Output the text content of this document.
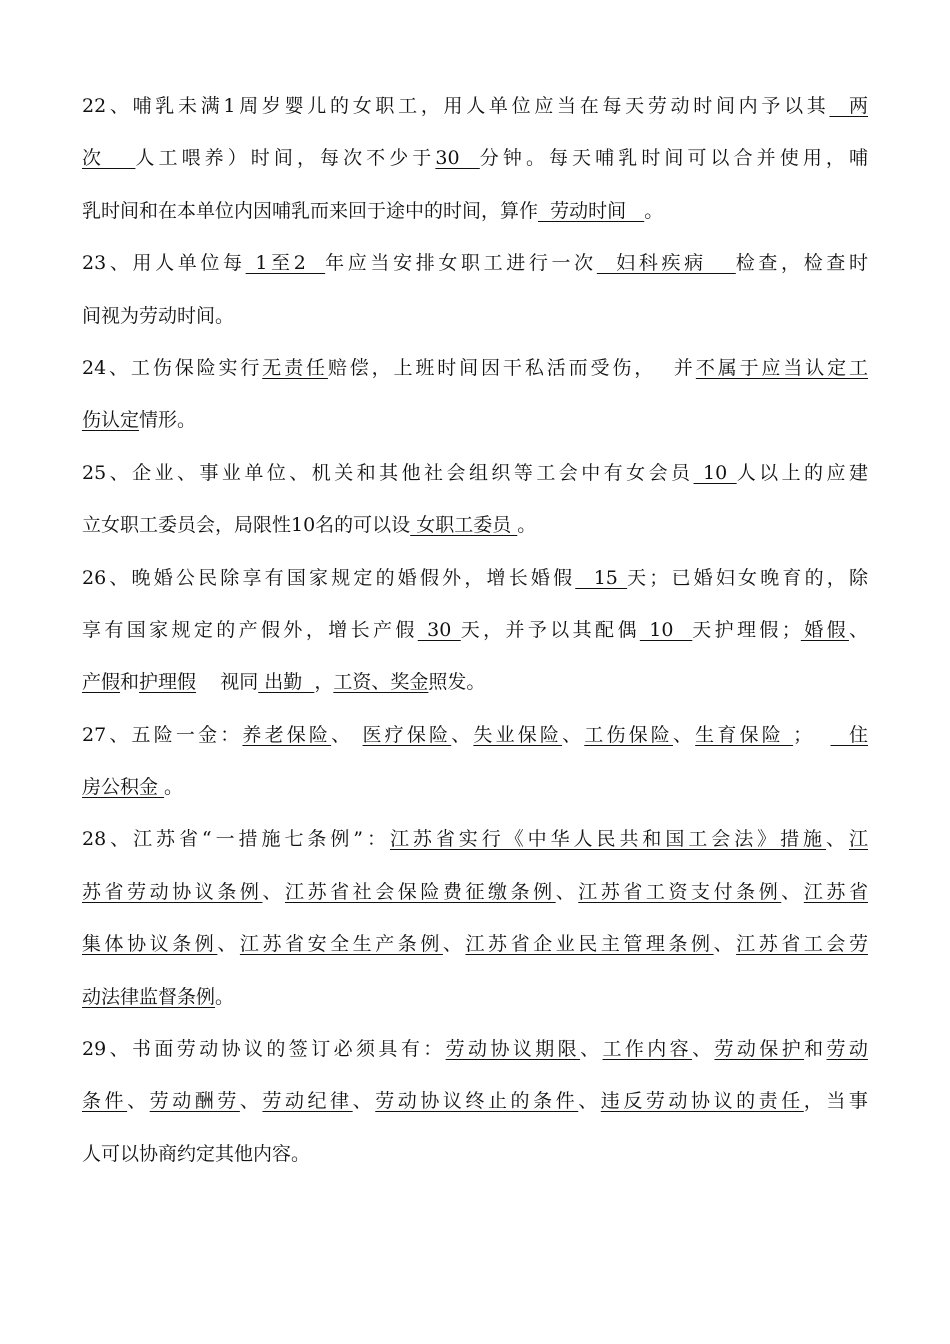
22、哺乳未满1周岁婴儿的女职工，用人单位应当在每天劳动时间内予以其  两
次   人工喂养）时间，每次不少于30  分钟。每天哺乳时间可以合并使用，哺
乳时间和在本单位内因哺乳而来回于途中的时间，算作  劳动时间   。
23、用人单位每 1至2  年应当安排女职工进行一次  妇科疾病   检查，检查时
间视为劳动时间。
24、工伤保险实行无责任赔偿，上班时间因干私活而受伤，  并不属于应当认定工
伤认定情形。
25、企业、事业单位、机关和其他社会组织等工会中有女会员 10 人以上的应建
立女职工委员会，局限性10名的可以设 女职工委员 。
26、晚婚公民除享有国家规定的婚假外，增长婚假  15 天；已婚妇女晚育的，除
享有国家规定的产假外，增长产假 30 天，并予以其配偶 10  天护理假；婚假、
产假和护理假    视同 出勤  ，工资、奖金照发。
27、五险一金：养老保险、 医疗保险、失业保险、工伤保险、生育保险 ；    住
房公积金 。
28、江苏省“一措施七条例”：江苏省实行《中华人民共和国工会法》措施、江
苏省劳动协议条例、江苏省社会保险费征缴条例、江苏省工资支付条例、江苏省
集体协议条例、江苏省安全生产条例、江苏省企业民主管理条例、江苏省工会劳
动法律监督条例。
29、书面劳动协议的签订必须具有：劳动协议期限、工作内容、劳动保护和劳动
条件、劳动酬劳、劳动纪律、劳动协议终止的条件、违反劳动协议的责任，当事
人可以协商约定其他内容。
